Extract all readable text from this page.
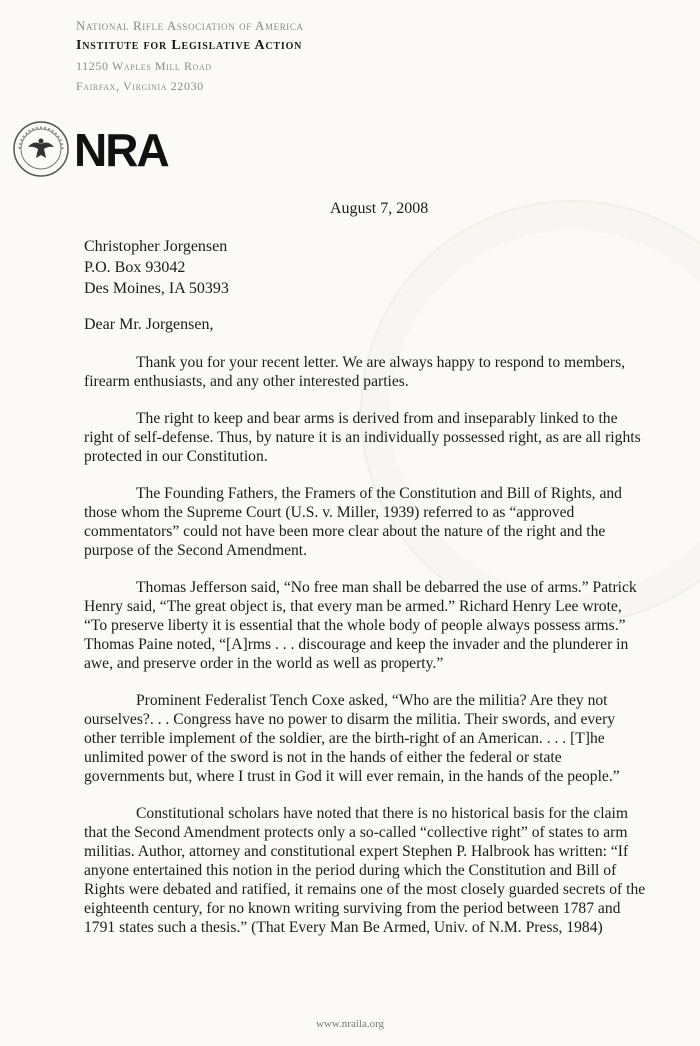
National Rifle Association of America
Institute for Legislative Action
11250 Waples Mill Road
Fairfax, Virginia 22030
NRA
August 7, 2008
Christopher Jorgensen
P.O. Box 93042
Des Moines, IA 50393
Dear Mr. Jorgensen,

Thank you for your recent letter. We are always happy to respond to members,
firearm enthusiasts, and any other interested parties.

The right to keep and bear arms is derived from and inseparably linked to the
right of self-defense. Thus, by nature it is an individually possessed right, as are all rights
protected in our Constitution.

The Founding Fathers, the Framers of the Constitution and Bill of Rights, and
those whom the Supreme Court (U.S. v. Miller, 1939) referred to as “approved
commentators” could not have been more clear about the nature of the right and the
purpose of the Second Amendment.

Thomas Jefferson said, “No free man shall be debarred the use of arms.” Patrick
Henry said, “The great object is, that every man be armed.” Richard Henry Lee wrote,
“To preserve liberty it is essential that the whole body of people always possess arms.”
Thomas Paine noted, “[A]rms . . . discourage and keep the invader and the plunderer in
awe, and preserve order in the world as well as property.”

Prominent Federalist Tench Coxe asked, “Who are the militia? Are they not
ourselves?. . . Congress have no power to disarm the militia. Their swords, and every
other terrible implement of the soldier, are the birth-right of an American. . . . [T]he
unlimited power of the sword is not in the hands of either the federal or state
governments but, where I trust in God it will ever remain, in the hands of the people.”

Constitutional scholars have noted that there is no historical basis for the claim
that the Second Amendment protects only a so-called “collective right” of states to arm
militias. Author, attorney and constitutional expert Stephen P. Halbrook has written: “If
anyone entertained this notion in the period during which the Constitution and Bill of
Rights were debated and ratified, it remains one of the most closely guarded secrets of the
eighteenth century, for no known writing surviving from the period between 1787 and
1791 states such a thesis.” (That Every Man Be Armed, Univ. of N.M. Press, 1984)

www.nraila.org
